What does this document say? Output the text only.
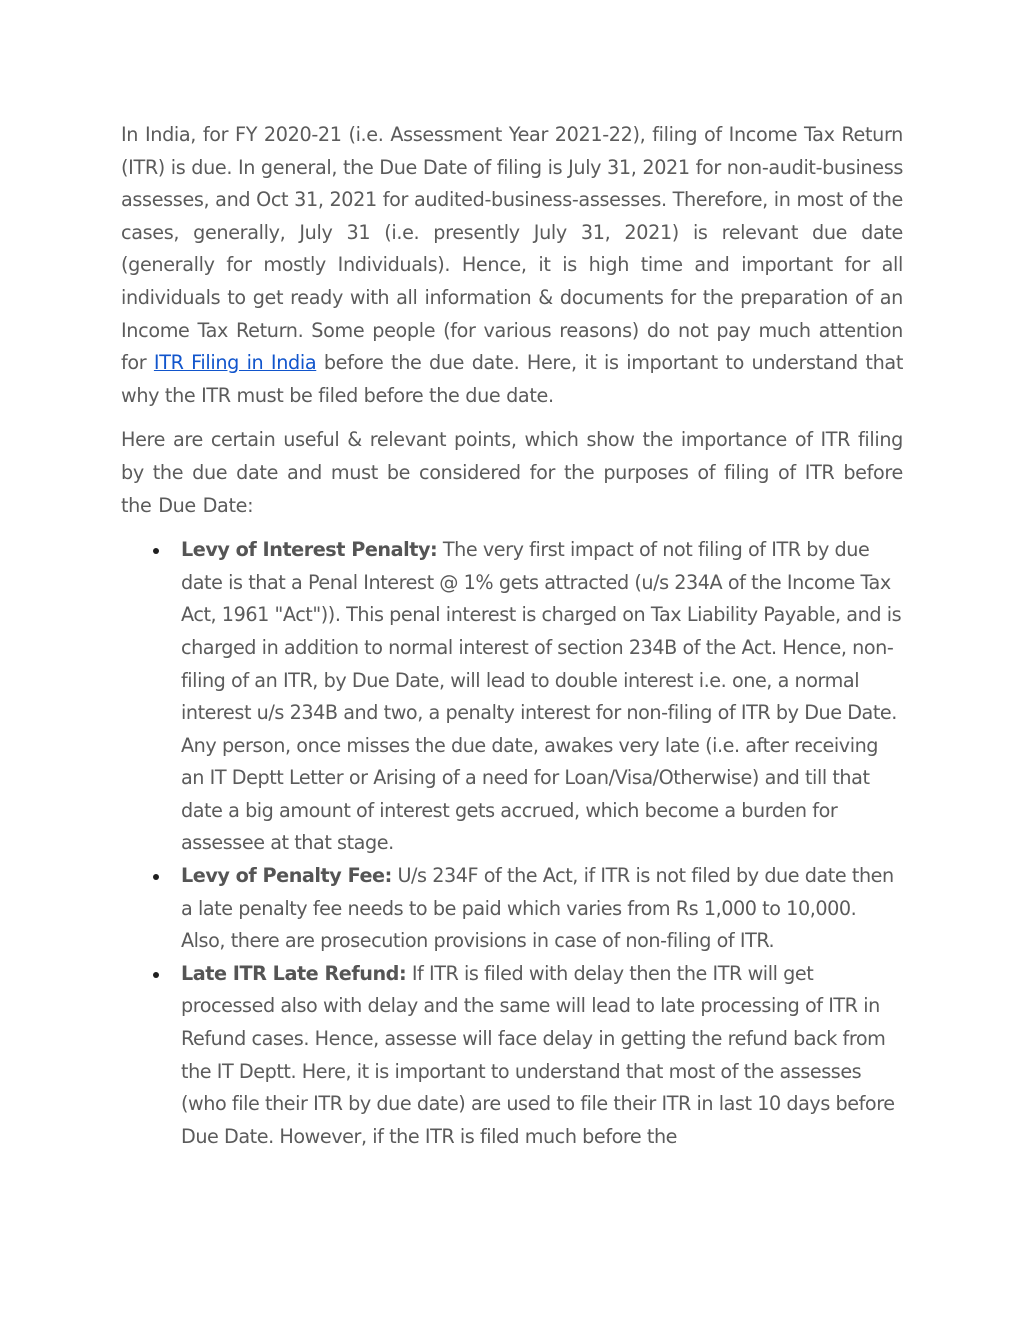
In India, for FY 2020-21 (i.e. Assessment Year 2021-22), filing of Income Tax Return (ITR) is due. In general, the Due Date of filing is July 31, 2021 for non-audit-business assesses, and Oct 31, 2021 for audited-business-assesses. Therefore, in most of the cases, generally, July 31 (i.e. presently July 31, 2021) is relevant due date (generally for mostly Individuals). Hence, it is high time and important for all individuals to get ready with all information & documents for the preparation of an Income Tax Return. Some people (for various reasons) do not pay much attention for ITR Filing in India before the due date. Here, it is important to understand that why the ITR must be filed before the due date.

Here are certain useful & relevant points, which show the importance of ITR filing by the due date and must be considered for the purposes of filing of ITR before the Due Date:

Levy of Interest Penalty: The very first impact of not filing of ITR by due date is that a Penal Interest @ 1% gets attracted (u/s 234A of the Income Tax Act, 1961 "Act")). This penal interest is charged on Tax Liability Payable, and is charged in addition to normal interest of section 234B of the Act. Hence, non-filing of an ITR, by Due Date, will lead to double interest i.e. one, a normal interest u/s 234B and two, a penalty interest for non-filing of ITR by Due Date. Any person, once misses the due date, awakes very late (i.e. after receiving an IT Deptt Letter or Arising of a need for Loan/Visa/Otherwise) and till that date a big amount of interest gets accrued, which become a burden for assessee at that stage.
Levy of Penalty Fee: U/s 234F of the Act, if ITR is not filed by due date then a late penalty fee needs to be paid which varies from Rs 1,000 to 10,000. Also, there are prosecution provisions in case of non-filing of ITR.
Late ITR Late Refund: If ITR is filed with delay then the ITR will get processed also with delay and the same will lead to late processing of ITR in Refund cases. Hence, assesse will face delay in getting the refund back from the IT Deptt. Here, it is important to understand that most of the assesses (who file their ITR by due date) are used to file their ITR in last 10 days before Due Date. However, if the ITR is filed much before the
